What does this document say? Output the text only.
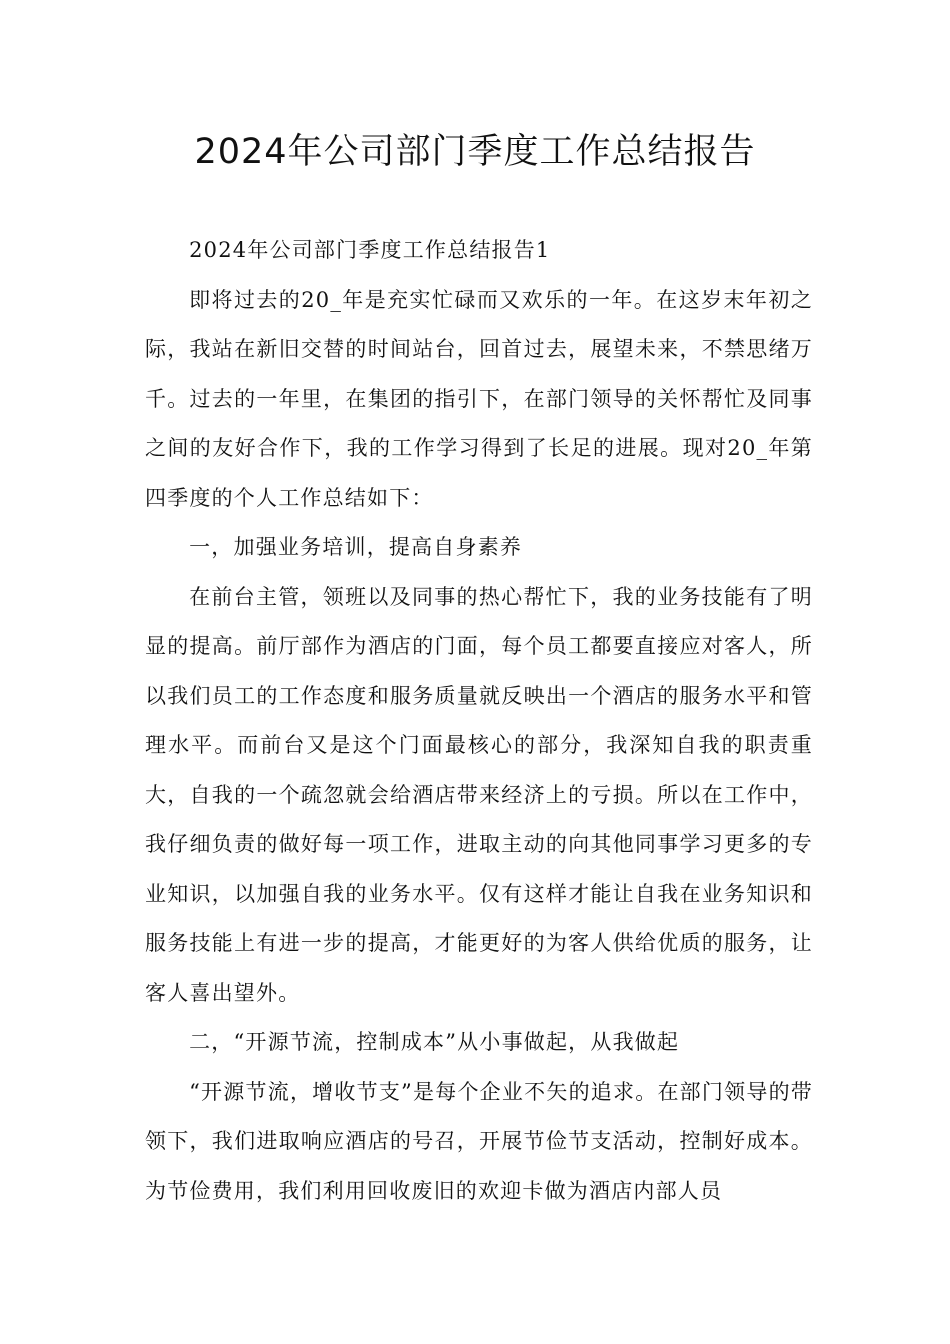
2024年公司部门季度工作总结报告

2024年公司部门季度工作总结报告1

即将过去的20_年是充实忙碌而又欢乐的一年。在这岁末年初之际，我站在新旧交替的时间站台，回首过去，展望未来，不禁思绪万千。过去的一年里，在集团的指引下，在部门领导的关怀帮忙及同事之间的友好合作下，我的工作学习得到了长足的进展。现对20_年第四季度的个人工作总结如下：

一，加强业务培训，提高自身素养

在前台主管，领班以及同事的热心帮忙下，我的业务技能有了明显的提高。前厅部作为酒店的门面，每个员工都要直接应对客人，所以我们员工的工作态度和服务质量就反映出一个酒店的服务水平和管理水平。而前台又是这个门面最核心的部分，我深知自我的职责重大，自我的一个疏忽就会给酒店带来经济上的亏损。所以在工作中，我仔细负责的做好每一项工作，进取主动的向其他同事学习更多的专业知识，以加强自我的业务水平。仅有这样才能让自我在业务知识和服务技能上有进一步的提高，才能更好的为客人供给优质的服务，让客人喜出望外。

二，“开源节流，控制成本”从小事做起，从我做起

“开源节流，增收节支”是每个企业不矢的追求。在部门领导的带领下，我们进取响应酒店的号召，开展节俭节支活动，控制好成本。为节俭费用，我们利用回收废旧的欢迎卡做为酒店内部人员
